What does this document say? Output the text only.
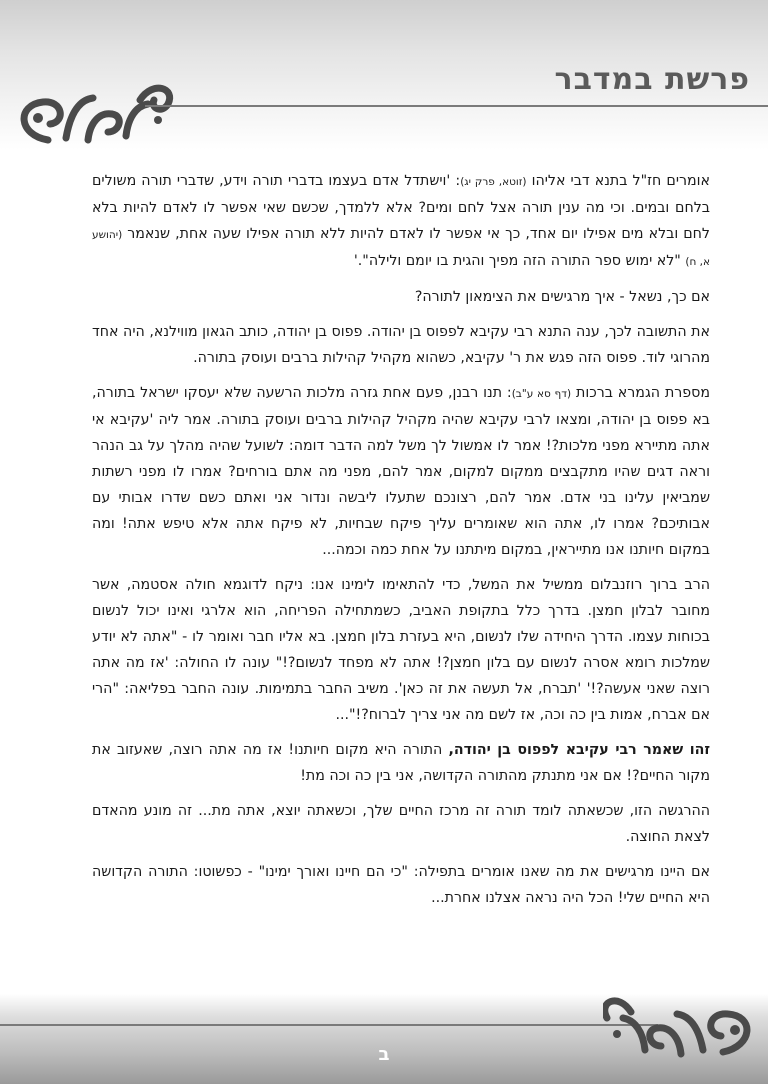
פרשת במדבר

אומרים חז"ל בתנא דבי אליהו (זוטא, פרק יג): 'וישתדל אדם בעצמו בדברי תורה וידע, שדברי תורה משולים בלחם ובמים. וכי מה ענין תורה אצל לחם ומים? אלא ללמדך, שכשם שאי אפשר לו לאדם להיות בלא לחם ובלא מים אפילו יום אחד, כך אי אפשר לו לאדם להיות ללא תורה אפילו שעה אחת, שנאמר (יהושע א, ח) "לא ימוש ספר התורה הזה מפיך והגית בו יומם ולילה".'

אם כך, נשאל - איך מרגישים את הצימאון לתורה?

את התשובה לכך, ענה התנא רבי עקיבא לפפוס בן יהודה. פפוס בן יהודה, כותב הגאון מווילנא, היה אחד מהרוגי לוד. פפוס הזה פגש את ר' עקיבא, כשהוא מקהיל קהילות ברבים ועוסק בתורה.

מספרת הגמרא ברכות (דף סא ע"ב): תנו רבנן, פעם אחת גזרה מלכות הרשעה שלא יעסקו ישראל בתורה, בא פפוס בן יהודה, ומצאו לרבי עקיבא שהיה מקהיל קהילות ברבים ועוסק בתורה. אמר ליה 'עקיבא אי אתה מתיירא מפני מלכות?! אמר לו אמשול לך משל למה הדבר דומה: לשועל שהיה מהלך על גב הנהר וראה דגים שהיו מתקבצים ממקום למקום, אמר להם, מפני מה אתם בורחים? אמרו לו מפני רשתות שמביאין עלינו בני אדם. אמר להם, רצונכם שתעלו ליבשה ונדור אני ואתם כשם שדרו אבותי עם אבותיכם? אמרו לו, אתה הוא שאומרים עליך פיקח שבחיות, לא פיקח אתה אלא טיפש אתה! ומה במקום חיותנו אנו מתייראין, במקום מיתתנו על אחת כמה וכמה...

הרב ברוך רוזנבלום ממשיל את המשל, כדי להתאימו לימינו אנו: ניקח לדוגמא חולה אסטמה, אשר מחובר לבלון חמצן. בדרך כלל בתקופת האביב, כשמתחילה הפריחה, הוא אלרגי ואינו יכול לנשום בכוחות עצמו. הדרך היחידה שלו לנשום, היא בעזרת בלון חמצן. בא אליו חבר ואומר לו - "אתה לא יודע שמלכות רומא אסרה לנשום עם בלון חמצן?! אתה לא מפחד לנשום?!" עונה לו החולה: 'אז מה אתה רוצה שאני אעשה?!' 'תברח, אל תעשה את זה כאן'. משיב החבר בתמימות. עונה החבר בפליאה: "הרי אם אברח, אמות בין כה וכה, אז לשם מה אני צריך לברוח?!"...

זהו שאמר רבי עקיבא לפפוס בן יהודה, התורה היא מקום חיותנו! אז מה אתה רוצה, שאעזוב את מקור החיים?! אם אני מתנתק מהתורה הקדושה, אני בין כה וכה מת!

ההרגשה הזו, שכשאתה לומד תורה זה מרכז החיים שלך, וכשאתה יוצא, אתה מת... זה מונע מהאדם לצאת החוצה.

אם היינו מרגישים את מה שאנו אומרים בתפילה: "כי הם חיינו ואורך ימינו" - כפשוטו: התורה הקדושה היא החיים שלי! הכל היה נראה אצלנו אחרת...

ב
